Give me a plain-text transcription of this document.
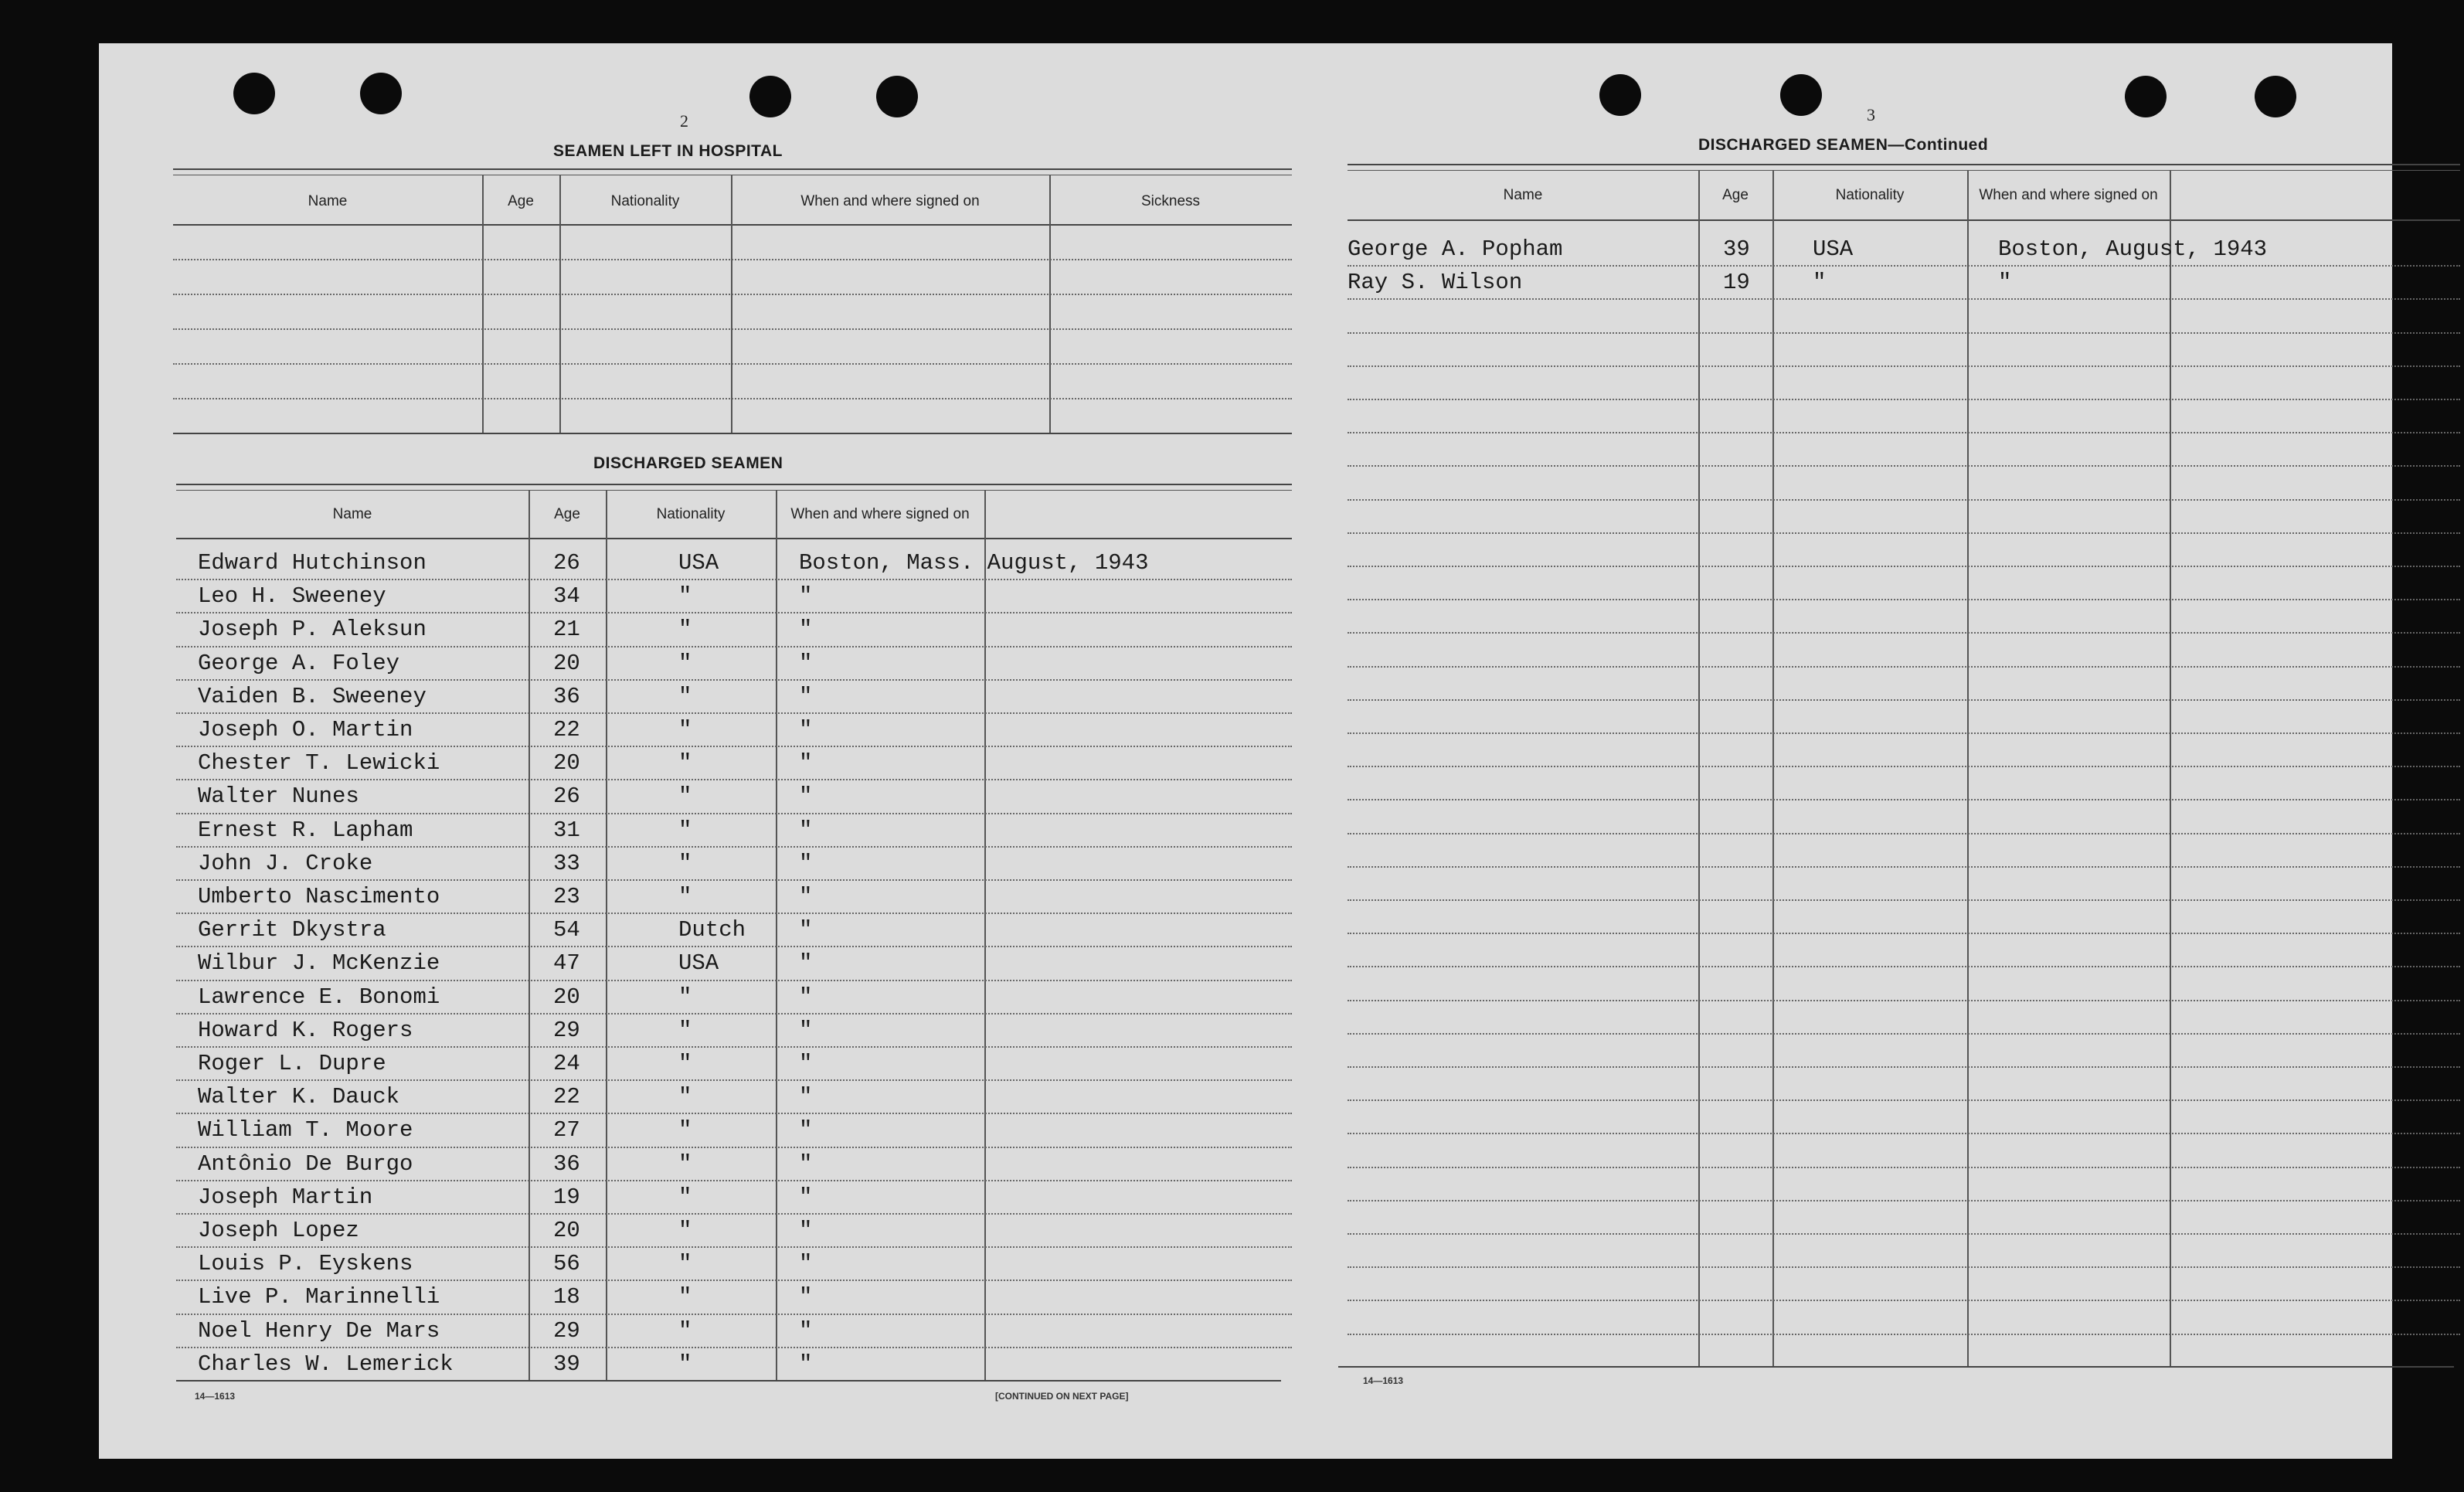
2
SEAMEN LEFT IN HOSPITAL
Name	Age	Nationality	When and where signed on	Sickness
DISCHARGED SEAMEN
Name	Age	Nationality	When and where signed on
Edward Hutchinson	26	USA	Boston, Mass. August, 1943
Leo H. Sweeney	34	"	"
Joseph P. Aleksun	21	"	"
George A. Foley	20	"	"
Vaiden B. Sweeney	36	"	"
Joseph O. Martin	22	"	"
Chester T. Lewicki	20	"	"
Walter Nunes	26	"	"
Ernest R. Lapham	31	"	"
John J. Croke	33	"	"
Umberto Nascimento	23	"	"
Gerrit Dkystra	54	Dutch "
Wilbur J. McKenzie	47	USA	"
Lawrence E. Bonomi	20	"	"
Howard K. Rogers	29	"	"
Roger L. Dupre	24	"	"
Walter K. Dauck	22	"	"
William T. Moore	27	"	"
Antônio De Burgo	36	"	"
Joseph Martin	19	"	"
Joseph Lopez	20	"	"
Louis P. Eyskens	56	"	"
Live P. Marinnelli	18	"	"
Noel Henry De Mars	29	"	"
Charles W. Lemerick	39	"	"
14—1613	[CONTINUED ON NEXT PAGE]
3
DISCHARGED SEAMEN—Continued
Name	Age	Nationality	When and where signed on
George A. Popham	39	USA	Boston, August, 1943
Ray S. Wilson	19	"	"
14—1613
